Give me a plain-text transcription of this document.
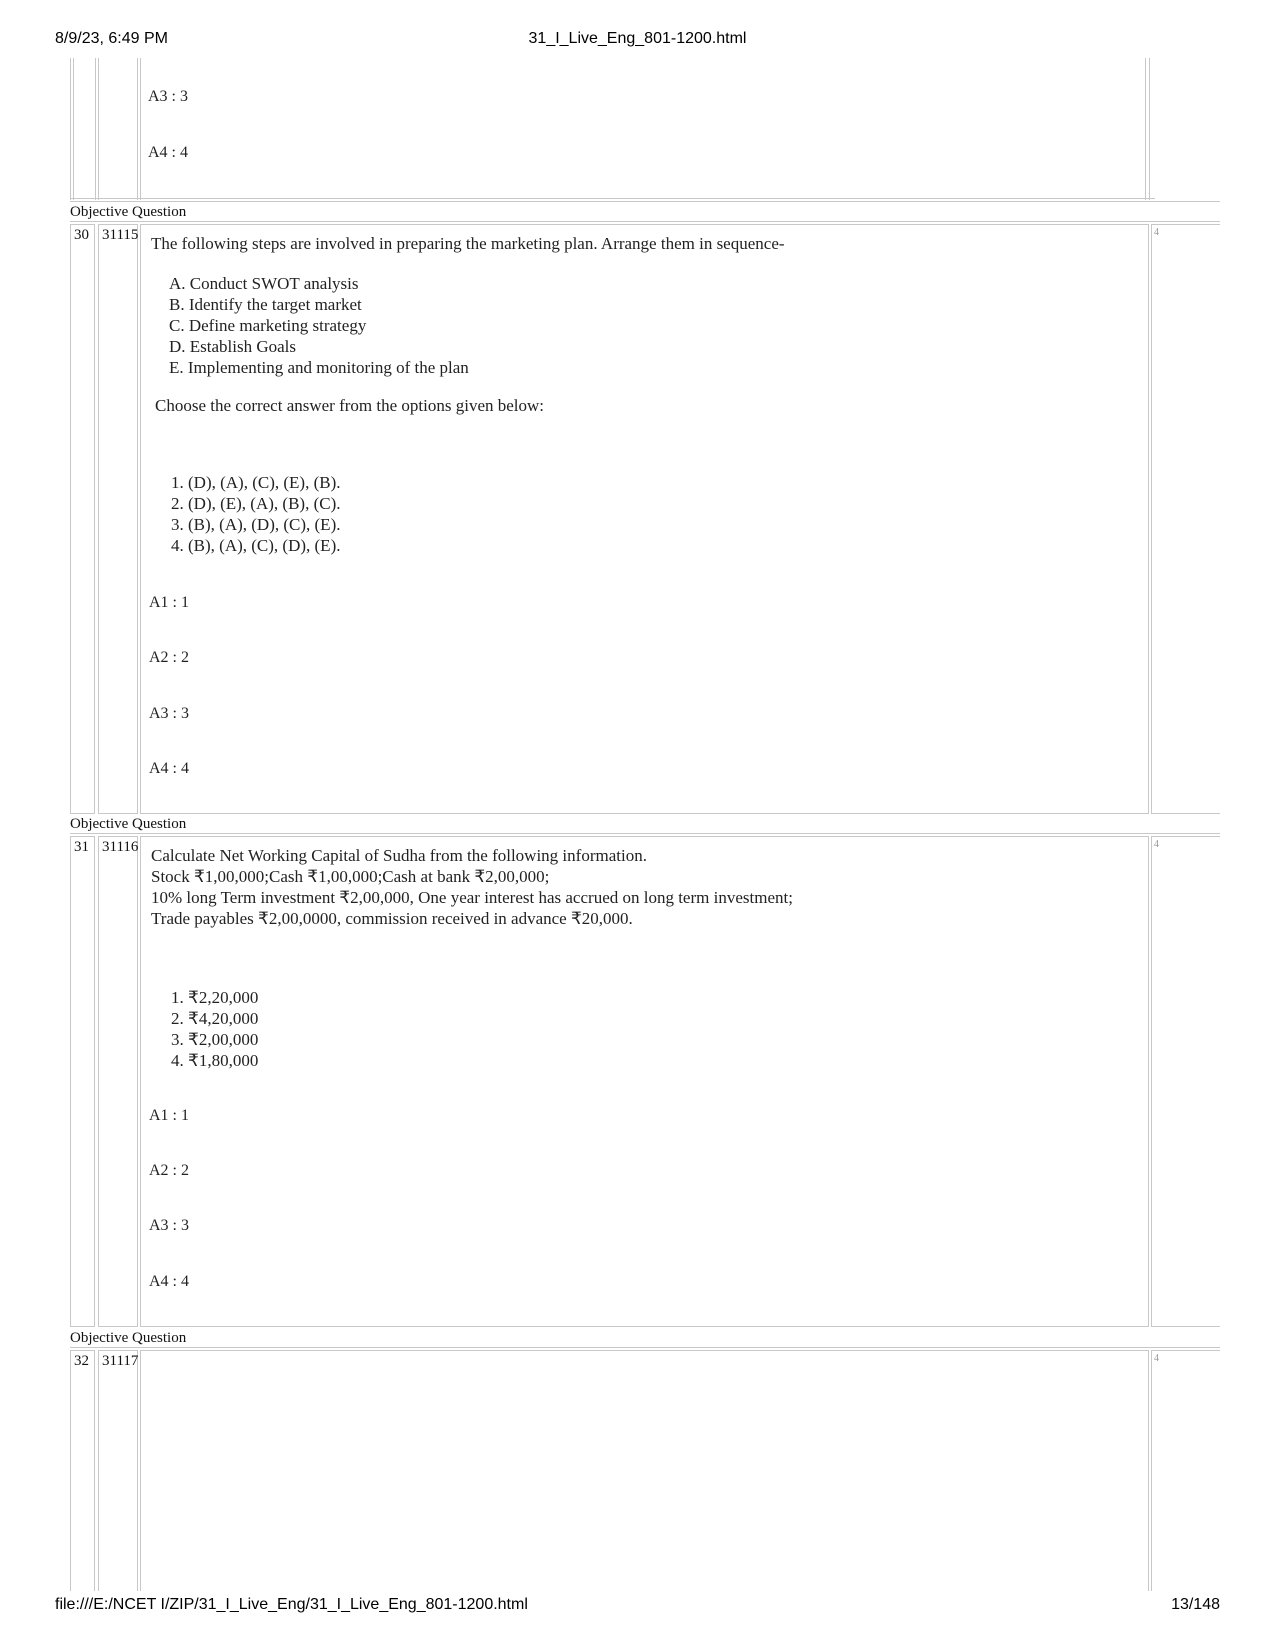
8/9/23, 6:49 PM	31_I_Live_Eng_801-1200.html
A3 : 3
A4 : 4
Objective Question
30 31115 The following steps are involved in preparing the marketing plan. Arrange them in sequence-
A. Conduct SWOT analysis
B. Identify the target market
C. Define marketing strategy
D. Establish Goals
E. Implementing and monitoring of the plan
Choose the correct answer from the options given below:
1. (D), (A), (C), (E), (B).
2. (D), (E), (A), (B), (C).
3. (B), (A), (D), (C), (E).
4. (B), (A), (C), (D), (E).
A1 : 1
A2 : 2
A3 : 3
A4 : 4
4
Objective Question
31 31116 Calculate Net Working Capital of Sudha from the following information.
Stock ₹1,00,000;Cash ₹1,00,000;Cash at bank ₹2,00,000;
10% long Term investment ₹2,00,000, One year interest has accrued on long term investment;
Trade payables ₹2,00,0000, commission received in advance ₹20,000.
1. ₹2,20,000
2. ₹4,20,000
3. ₹2,00,000
4. ₹1,80,000
A1 : 1
A2 : 2
A3 : 3
A4 : 4
4
Objective Question
32 31117	4
file:///E:/NCET I/ZIP/31_I_Live_Eng/31_I_Live_Eng_801-1200.html	13/148
